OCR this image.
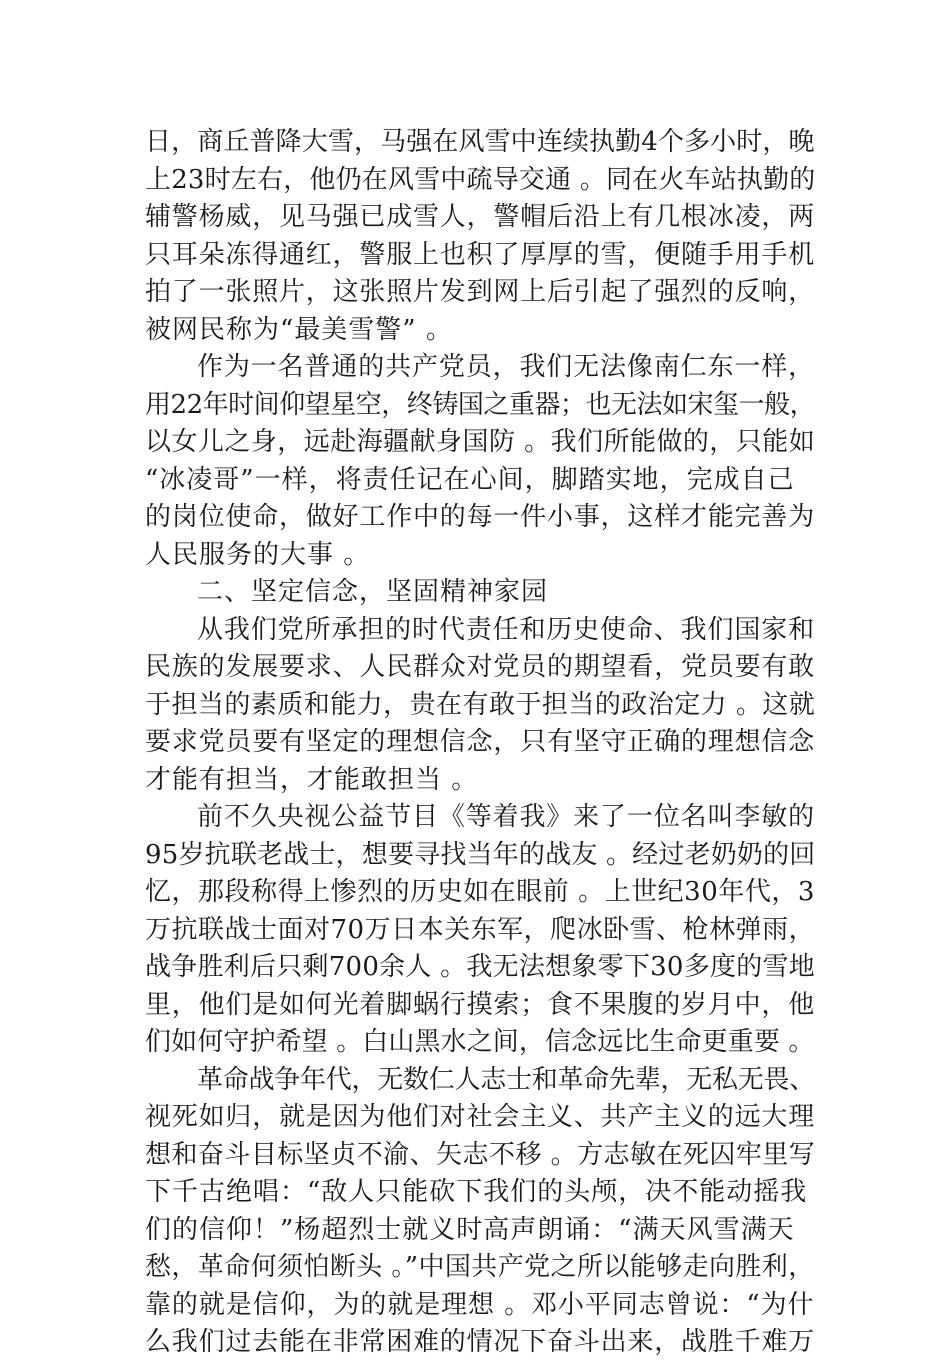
日，商丘普降大雪，马强在风雪中连续执勤4个多小时，晚
上23时左右，他仍在风雪中疏导交通 。同在火车站执勤的
辅警杨威，见马强已成雪人，警帽后沿上有几根冰凌，两
只耳朵冻得通红，警服上也积了厚厚的雪，便随手用手机
拍了一张照片，这张照片发到网上后引起了强烈的反响，
被网民称为“最美雪警” 。
作为一名普通的共产党员，我们无法像南仁东一样，
用22年时间仰望星空，终铸国之重器；也无法如宋玺一般，
以女儿之身，远赴海疆献身国防 。我们所能做的，只能如
“冰凌哥”一样，将责任记在心间，脚踏实地，完成自己
的岗位使命，做好工作中的每一件小事，这样才能完善为
人民服务的大事 。
二、坚定信念，坚固精神家园
从我们党所承担的时代责任和历史使命、我们国家和
民族的发展要求、人民群众对党员的期望看，党员要有敢
于担当的素质和能力，贵在有敢于担当的政治定力 。这就
要求党员要有坚定的理想信念，只有坚守正确的理想信念
才能有担当，才能敢担当 。
前不久央视公益节目《等着我》来了一位名叫李敏的
95岁抗联老战士，想要寻找当年的战友 。经过老奶奶的回
忆，那段称得上惨烈的历史如在眼前 。上世纪30年代，3
万抗联战士面对70万日本关东军，爬冰卧雪、枪林弹雨，
战争胜利后只剩700余人 。我无法想象零下30多度的雪地
里，他们是如何光着脚蜗行摸索；食不果腹的岁月中，他
们如何守护希望 。白山黑水之间，信念远比生命更重要 。
革命战争年代，无数仁人志士和革命先辈，无私无畏、
视死如归，就是因为他们对社会主义、共产主义的远大理
想和奋斗目标坚贞不渝、矢志不移 。方志敏在死囚牢里写
下千古绝唱：“敌人只能砍下我们的头颅，决不能动摇我
们的信仰！”杨超烈士就义时高声朗诵：“满天风雪满天
愁，革命何须怕断头 。”中国共产党之所以能够走向胜利，
靠的就是信仰，为的就是理想 。邓小平同志曾说：“为什
么我们过去能在非常困难的情况下奋斗出来，战胜千难万
